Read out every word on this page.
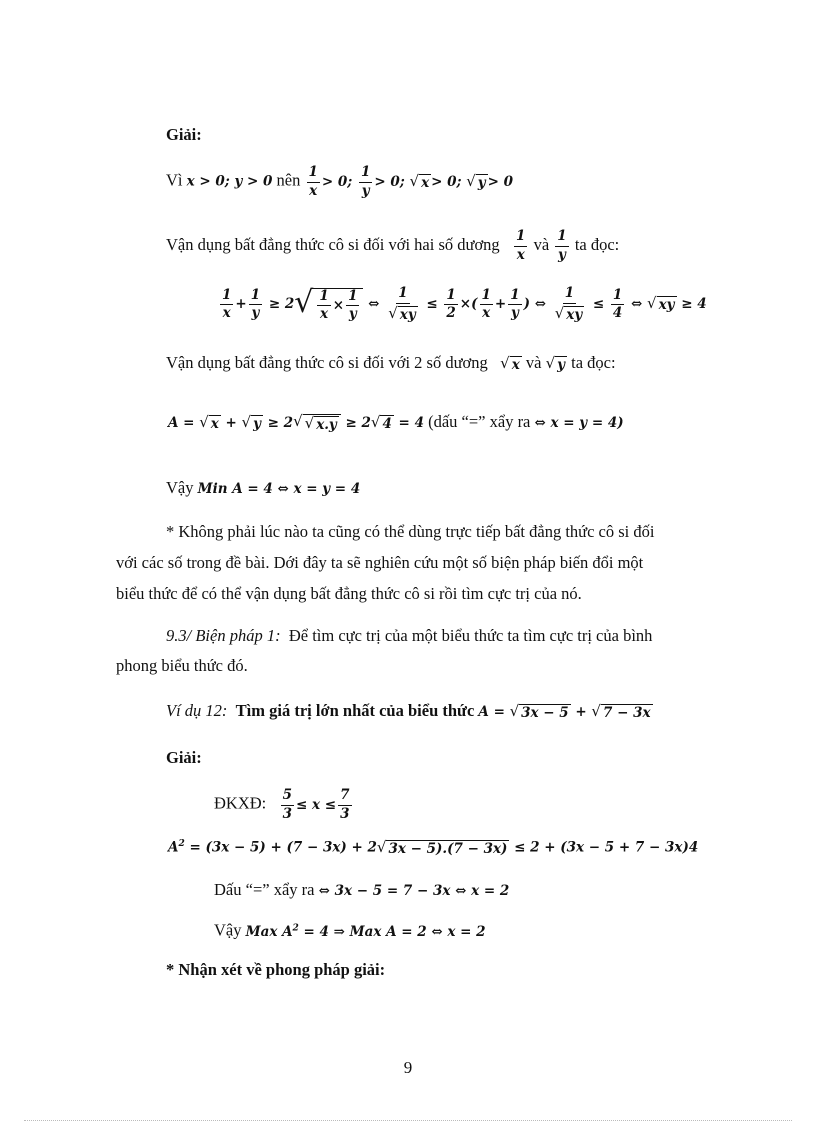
Giải:
Vì x > 0; y > 0 nên $\frac{1}{x} > 0$; $\frac{1}{y} > 0$; √ x > 0; √ y > 0
Vận dụng bất đẳng thức cô si đối với hai số dương $\frac{1}{x}$ và $\frac{1}{y}$ ta đọc:
$\frac{1}{x} + \frac{1}{y} \ge 2$ √ $\frac{1}{x} \times \frac{1}{y}$ ⇔ $\frac{1}{√ xy} \le \frac{1}{2}$ ×( $\frac{1}{x} + \frac{1}{y}$ ) ⇔ $\frac{1}{√ xy} \le \frac{1}{4}$ ⇔ √ xy ≥ 4
Vận dụng bất đẳng thức cô si đối với 2 số dương √ x và √ y ta đọc:
A = √ x + √ y ≥ 2 √ √ x.y ≥ 2 √ 4 = 4 (dấu “=” xẩy ra ⇔ x = y = 4)
Vậy Min A = 4 ⇔ x = y = 4
* Không phải lúc nào ta cũng có thể dùng trực tiếp bất đẳng thức cô si đối
với các số trong đề bài. Dới đây ta sẽ nghiên cứu một số biện pháp biến đổi một
biểu thức để có thể vận dụng bất đẳng thức cô si rồi tìm cực trị của nó.
9.3/ Biện pháp 1: Để tìm cực trị của một biểu thức ta tìm cực trị của bình
phong biểu thức đó.
Ví dụ 12: Tìm giá trị lớn nhất của biểu thức A = √ 3x − 5 + √ 7 − 3x
Giải:
ĐKXĐ: $\frac{5}{3} \le x \le \frac{7}{3}$
$A^2 = (3x - 5) + (7 - 3x) + 2$ √ 3x − 5).(7 − 3x) ≤ 2 + (3x − 5 + 7 − 3x)4
Dấu “=” xẩy ra ⇔ 3x − 5 = 7 − 3x ⇔ x = 2
Vậy Max $A^2 = 4$ ⇒ Max A = 2 ⇔ x = 2
* Nhận xét về phong pháp giải:
9
